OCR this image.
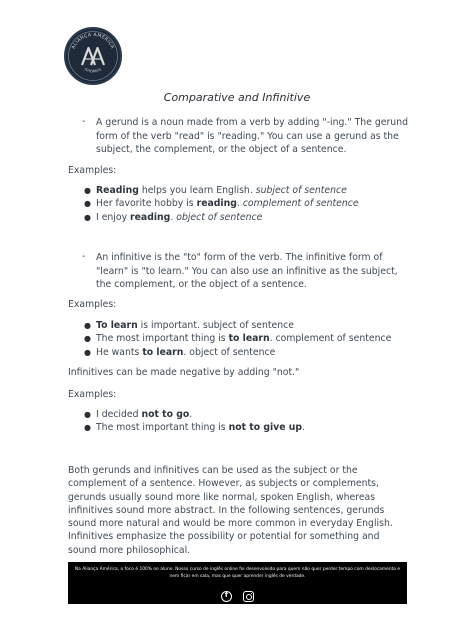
ALIANÇA AMÉRICA
IDIOMAS
Comparative and Infinitive
- A gerund is a noun made from a verb by adding "-ing." The gerund form of the verb "read" is "reading." You can use a gerund as the subject, the complement, or the object of a sentence.
Examples:
● Reading helps you learn English. subject of sentence
● Her favorite hobby is reading. complement of sentence
● I enjoy reading. object of sentence
- An infinitive is the "to" form of the verb. The infinitive form of "learn" is "to learn." You can also use an infinitive as the subject, the complement, or the object of a sentence.
Examples:
● To learn is important. subject of sentence
● The most important thing is to learn. complement of sentence
● He wants to learn. object of sentence
Infinitives can be made negative by adding "not."
Examples:
● I decided not to go.
● The most important thing is not to give up.
Both gerunds and infinitives can be used as the subject or the complement of a sentence. However, as subjects or complements, gerunds usually sound more like normal, spoken English, whereas infinitives sound more abstract. In the following sentences, gerunds sound more natural and would be more common in everyday English. Infinitives emphasize the possibility or potential for something and sound more philosophical.
Na Aliança América, o foco é 100% no aluno. Nosso curso de inglês online foi desenvolvido para quem não quer perder tempo com deslocamento e nem ficar em sala, mas que quer aprender inglês de verdade.
f
